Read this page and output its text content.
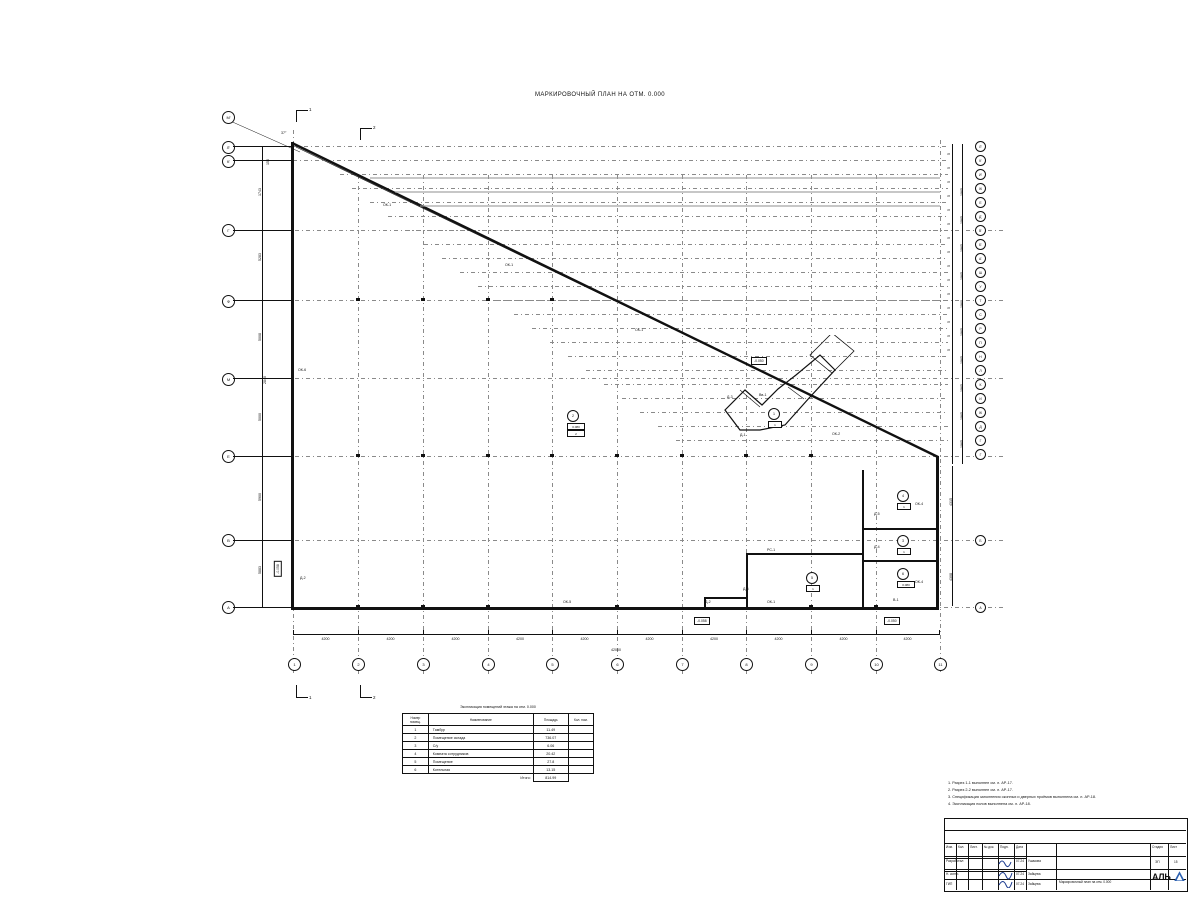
МАРКИРОВОЧНЫЙ ПЛАН НА ОТМ. 0.000
М'
Л'
К'
Г
Ф
М
Е
В
А
1743
5283
5008
5000
5900
5883
2840
155
Л'
К'
И'
Ж
Е
Д'
В'
Б'
А'
Ш
У
Т
С
Р
П
Н
Л
К
И
Ж
Д
Г
Г
Б
А
5
5
5
5
5
5
5
5
5
5
5
5
5
5
5
1965
1965
1965
1965
1960
1965
1965
1965
1965
1965
4315
4308
4200	4200	4200	4200	4200	4200	4200	4200	4200	4200
42000
1	2	3	4	5	6	7	8	9	10	11
1
2
1	2
37°
ОК-1
ОК-1
ОК-1
ОК-2
ОК-4
ОК-4
ОК-5	ОК-1
ОК-6
Д-2
Д-2
Д-6
Д-4
Д-5
Д-3
Д-1
Вв-1
РС-1
В-1
-0.050
-0.058	-0.050
-0.058
2
0.080
2
1
1
4
1
3
1
6
0.080
5
1
Экспликация помещений этажа на отм. 0.000
Номер помещ.	Наименование	Площадь	Кол. пом.
1	Тамбур	11.49	
2	Помещение склада	736.07	
3	С/у	6.06	
4	Комната сотрудников	20.42	
5	Помещение	27.8	
6	Котельная	13.15	
	Итого:	814.99	
1. Разрез 1-1 выполнен см. л. АР-17.
2. Разрез 2-2 выполнен см. л. АР-17.
3. Спецификация заполнения оконных и дверных проёмов выполнена см. л. АР-18.
4. Экспликация полов выполнена см. л. АР-18.
Изм. Кол. Лист. № док. Подп. Дата
Разработал	Ушакова
07.24
Н. контр.	Зайцева
07.24
ГИП	Зайцева
07.24	Маркировочный план на отм. 0.000
Стадия Лист
ЭП	15
АЛЬ
